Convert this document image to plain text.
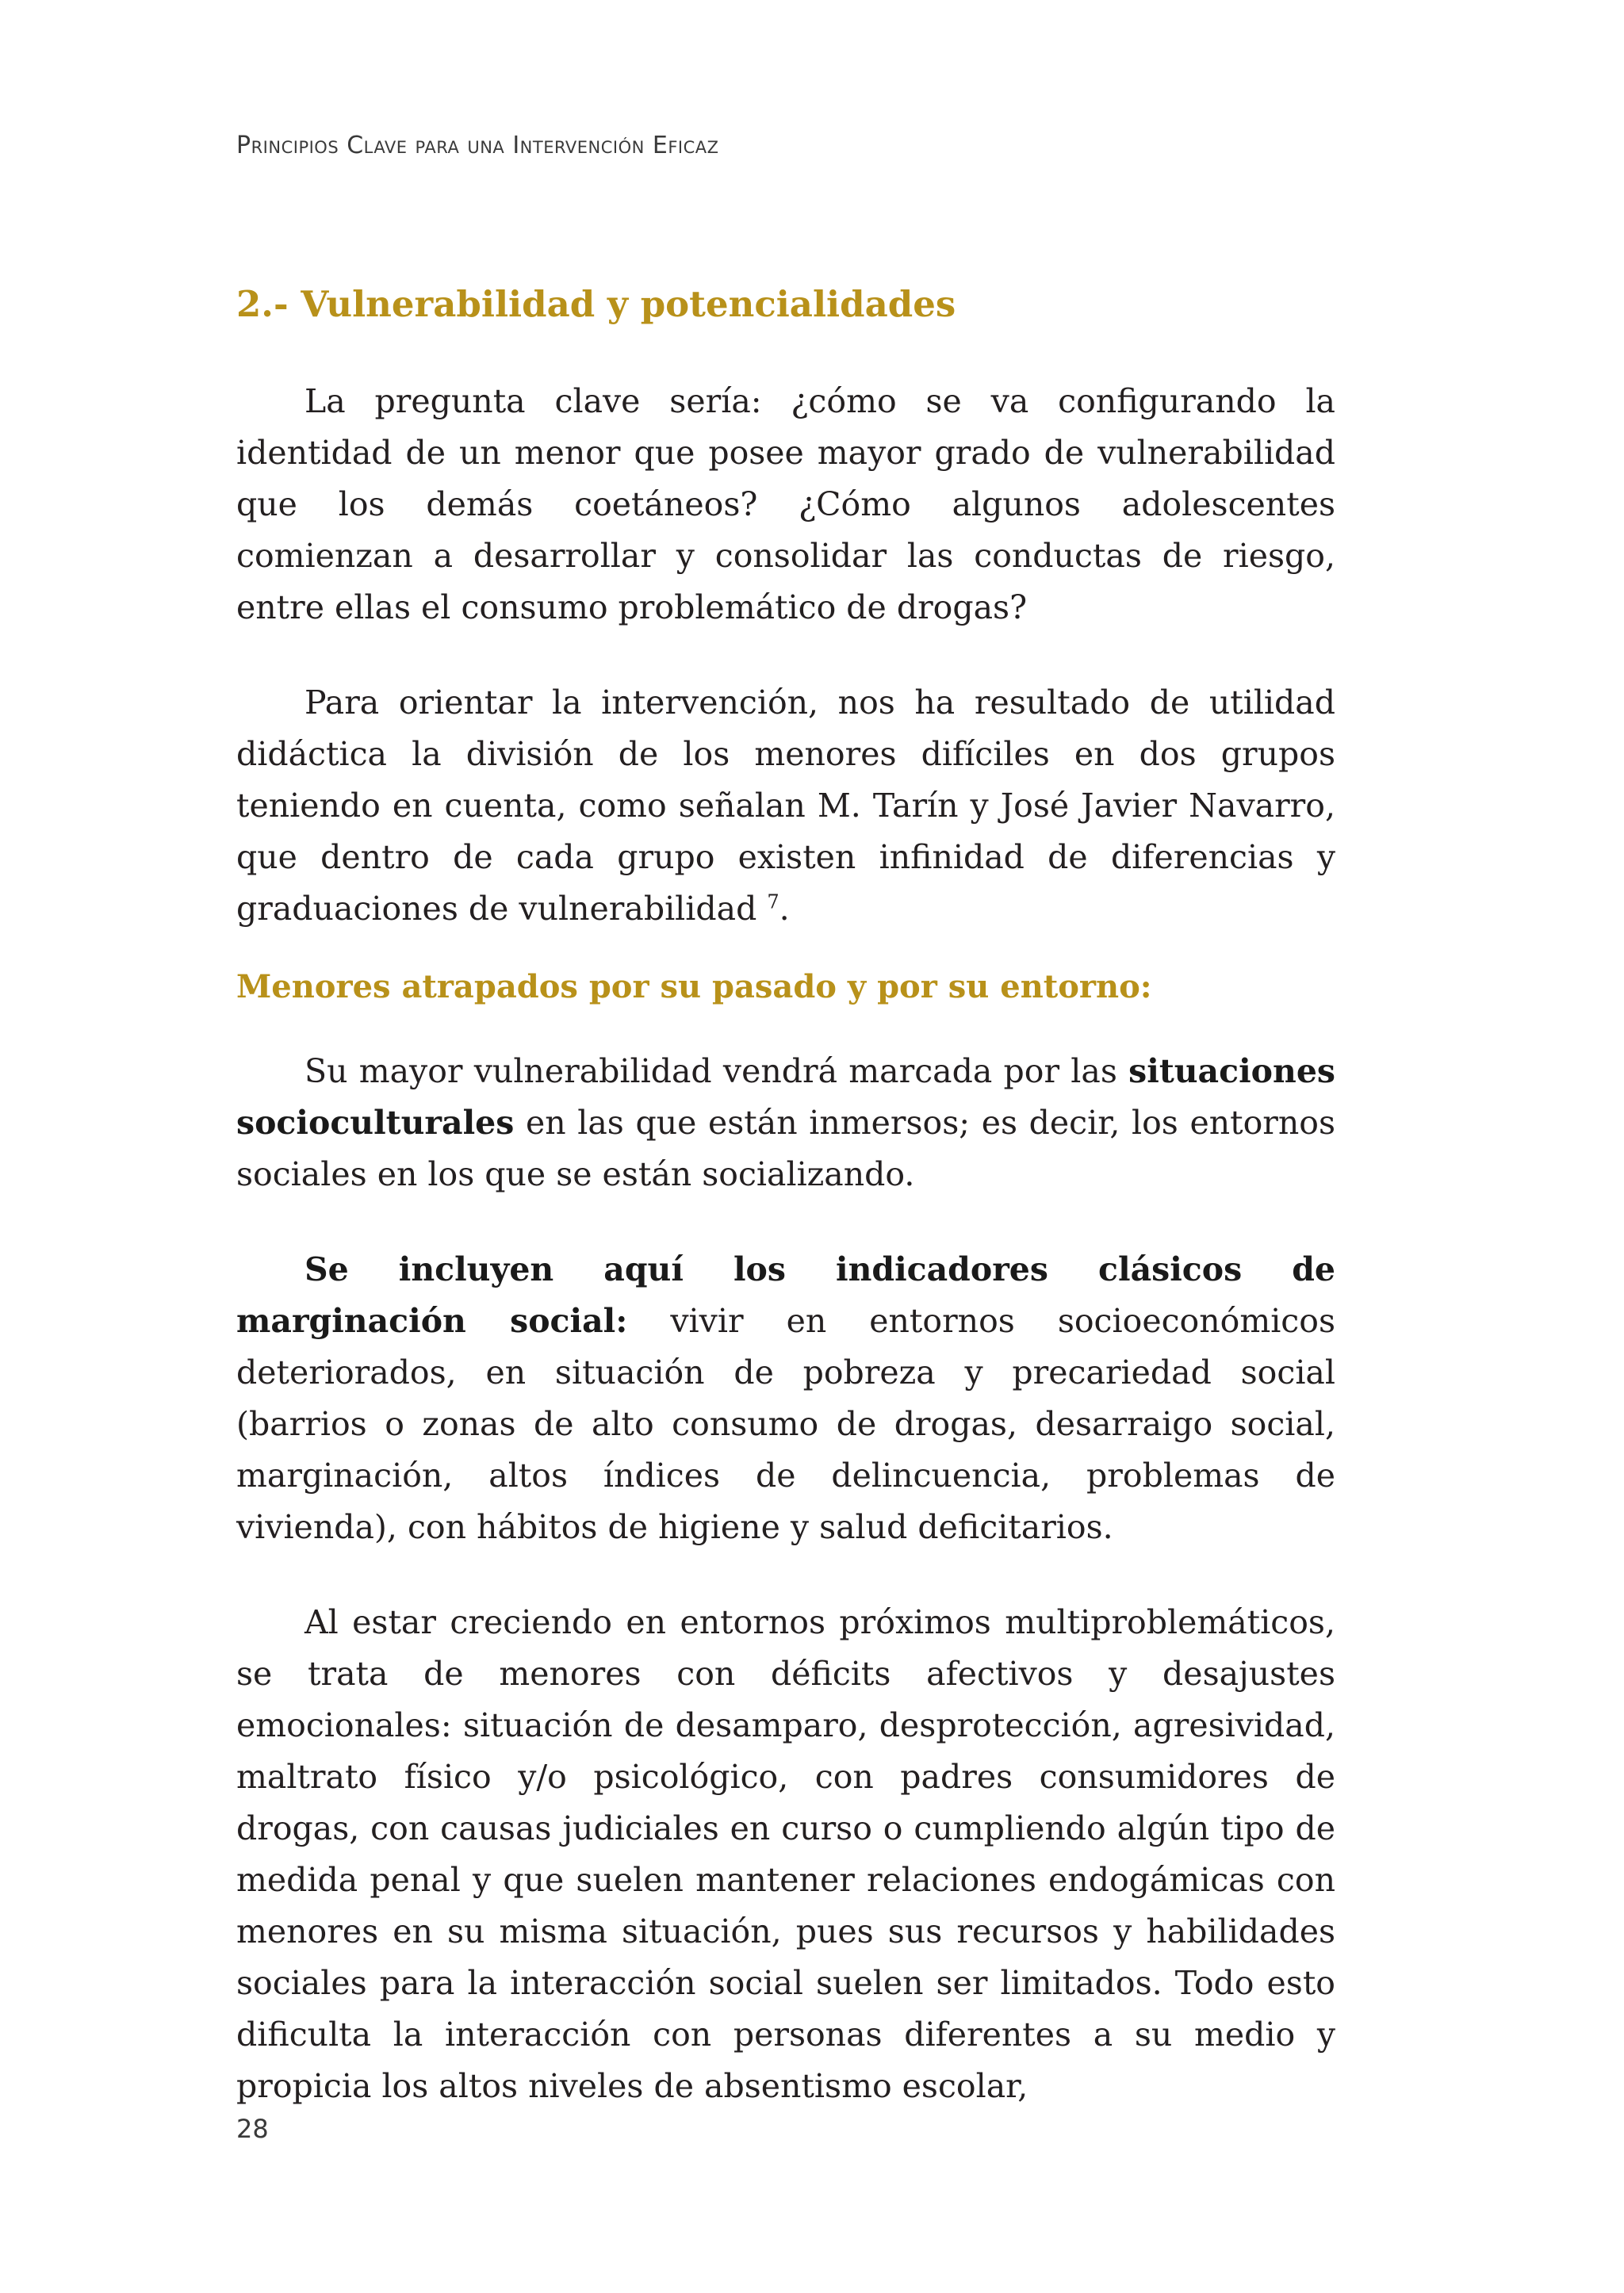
Principios Clave para una Intervención Eficaz
2.- Vulnerabilidad y potencialidades

La pregunta clave sería: ¿cómo se va configurando la identidad de un menor que posee mayor grado de vulnerabilidad que los demás coetáneos? ¿Cómo algunos adolescentes comienzan a desarrollar y consolidar las conductas de riesgo, entre ellas el consumo problemático de drogas?

Para orientar la intervención, nos ha resultado de utilidad didáctica la división de los menores difíciles en dos grupos teniendo en cuenta, como señalan M. Tarín y José Javier Navarro, que dentro de cada grupo existen infinidad de diferencias y graduaciones de vulnerabilidad $^7$.

Menores atrapados por su pasado y por su entorno:

Su mayor vulnerabilidad vendrá marcada por las situaciones socioculturales en las que están inmersos; es decir, los entornos sociales en los que se están socializando.

Se incluyen aquí los indicadores clásicos de marginación social: vivir en entornos socioeconómicos deteriorados, en situación de pobreza y precariedad social (barrios o zonas de alto consumo de drogas, desarraigo social, marginación, altos índices de delincuencia, problemas de vivienda), con hábitos de higiene y salud deficitarios.

Al estar creciendo en entornos próximos multiproblemáticos, se trata de menores con déficits afectivos y desajustes emocionales: situación de desamparo, desprotección, agresividad, maltrato físico y/o psicológico, con padres consumidores de drogas, con causas judiciales en curso o cumpliendo algún tipo de medida penal y que suelen mantener relaciones endogámicas con menores en su misma situación, pues sus recursos y habilidades sociales para la interacción social suelen ser limitados. Todo esto dificulta la interacción con personas diferentes a su medio y propicia los altos niveles de absentismo escolar,

28
